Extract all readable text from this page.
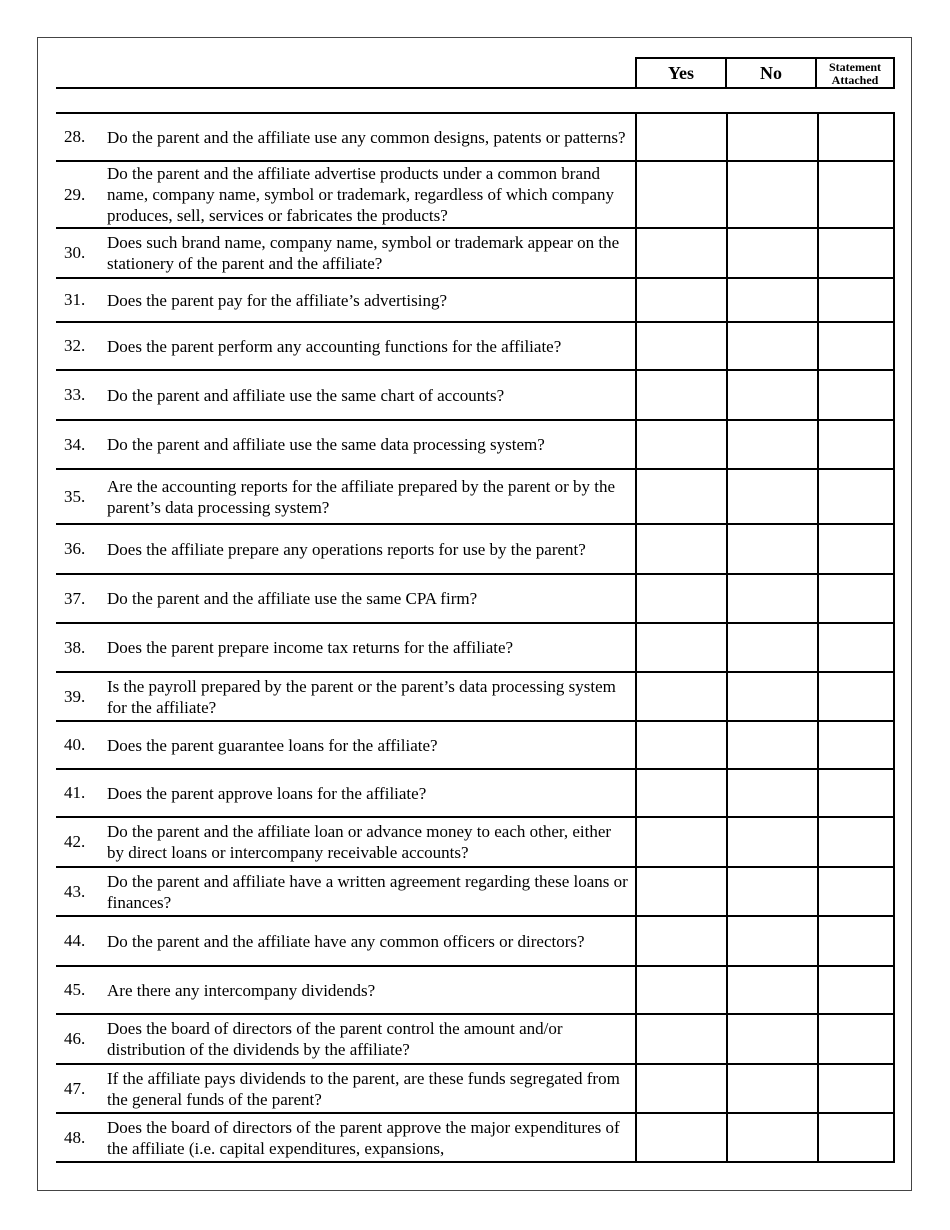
Yes	No	Statement
Attached
28.	Do the parent and the affiliate use any common designs, patents or patterns?
29.
Do the parent and the affiliate advertise products under a common brand name, company name, symbol or trademark, regardless of which company produces, sell, services or fabricates the products?
30.
Does such brand name, company name, symbol or trademark appear on the stationery of the parent and the affiliate?
31.	Does the parent pay for the affiliate’s advertising?
32.	Does the parent perform any accounting functions for the affiliate?
33.	Do the parent and affiliate use the same chart of accounts?
34.	Do the parent and affiliate use the same data processing system?
35.
Are the accounting reports for the affiliate prepared by the parent or by the parent’s data processing system?
36.	Does the affiliate prepare any operations reports for use by the parent?
37.	Do the parent and the affiliate use the same CPA firm?
38.	Does the parent prepare income tax returns for the affiliate?
39.
Is the payroll prepared by the parent or the parent’s data processing system for the affiliate?
40.	Does the parent guarantee loans for the affiliate?
41.	Does the parent approve loans for the affiliate?
42.
Do the parent and the affiliate loan or advance money to each other, either by direct loans or intercompany receivable accounts?
43.
Do the parent and affiliate have a written agreement regarding these loans or finances?
44.	Do the parent and the affiliate have any common officers or directors?
45.	Are there any intercompany dividends?
46.
Does the board of directors of the parent control the amount and/or distribution of the dividends by the affiliate?
47.
If the affiliate pays dividends to the parent, are these funds segregated from the general funds of the parent?
48.
Does the board of directors of the parent approve the major expenditures of the affiliate (i.e. capital expenditures, expansions,
